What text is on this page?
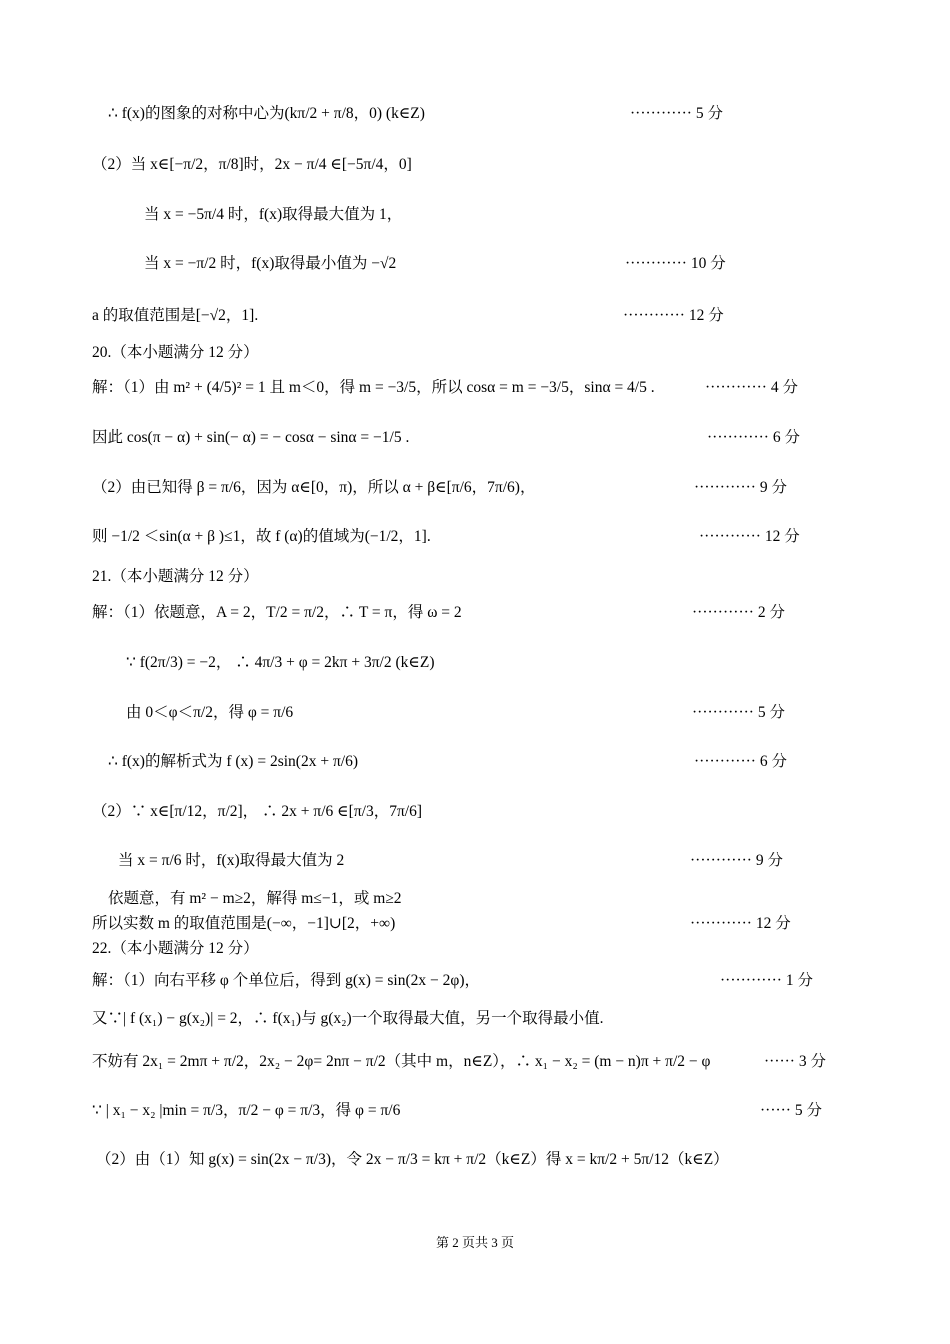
∴ f(x)的图象的对称中心为(kπ/2 + π/8，0) (k∈Z)	············ 5 分
（2）当 x∈[−π/2，π/8]时，2x − π/4 ∈[−5π/4，0]
当 x = −5π/4 时，f(x)取得最大值为 1，
当 x = −π/2 时，f(x)取得最小值为 −√2	············ 10 分
a 的取值范围是[−√2，1].	············ 12 分
20.（本小题满分 12 分）
解：（1）由 m² + (4/5)² = 1 且 m＜0，得 m = −3/5，所以 cosα = m = −3/5，sinα = 4/5 .	············ 4 分
因此 cos(π − α) + sin(− α) = − cosα − sinα = −1/5 .	············ 6 分
（2）由已知得 β = π/6，因为 α∈[0，π)，所以 α + β∈[π/6，7π/6)，	············ 9 分
则 −1/2 ＜sin(α + β )≤1，故 f (α)的值域为(−1/2，1].	············ 12 分
21.（本小题满分 12 分）
解：（1）依题意，A = 2，T/2 = π/2，∴ T = π，得 ω = 2	············ 2 分
∵ f(2π/3) = −2， ∴ 4π/3 + φ = 2kπ + 3π/2 (k∈Z)
由 0＜φ＜π/2，得 φ = π/6	············ 5 分
∴ f(x)的解析式为 f (x) = 2sin(2x + π/6)	············ 6 分
（2）∵ x∈[π/12，π/2]， ∴ 2x + π/6 ∈[π/3，7π/6]
当 x = π/6 时，f(x)取得最大值为 2	············ 9 分
依题意，有 m² − m≥2，解得 m≤−1，或 m≥2
所以实数 m 的取值范围是(−∞，−1]∪[2，+∞)	············ 12 分
22.（本小题满分 12 分）
解：（1）向右平移 φ 个单位后，得到 g(x) = sin(2x − 2φ)，	············ 1 分
又∵| f (x₁) − g(x₂)| = 2，∴ f(x₁)与 g(x₂)一个取得最大值，另一个取得最小值.
不妨有 2x₁ = 2mπ + π/2，2x₂ − 2φ= 2nπ − π/2（其中 m，n∈Z），∴ x₁ − x₂ = (m − n)π + π/2 − φ	······ 3 分
∵ | x₁ − x₂ |min = π/3，π/2 − φ = π/3，得 φ = π/6	······ 5 分
（2）由（1）知 g(x) = sin(2x − π/3)，令 2x − π/3 = kπ + π/2（k∈Z）得 x = kπ/2 + 5π/12（k∈Z）
第 2 页共 3 页
